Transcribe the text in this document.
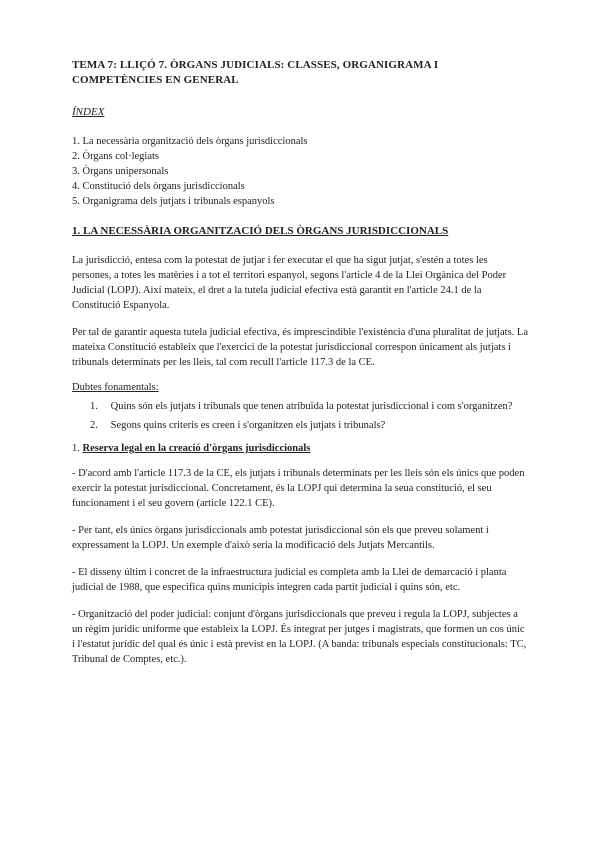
TEMA 7: LLIÇÓ 7. ÒRGANS JUDICIALS: CLASSES, ORGANIGRAMA I COMPETÈNCIES EN GENERAL
ÍNDEX
1. La necessària organització dels òrgans jurisdiccionals
2. Òrgans col·legiats
3. Òrgans unipersonals
4. Constitució dels òrgans jurisdiccionals
5. Organigrama dels jutjats i tribunals espanyols
1. LA NECESSÀRIA ORGANITZACIÓ DELS ÒRGANS JURISDICCIONALS

La jurisdicció, entesa com la potestat de jutjar i fer executar el que ha sigut jutjat, s'estén a totes les persones, a totes les matèries i a tot el territori espanyol, segons l'article 4 de la Llei Orgànica del Poder Judicial (LOPJ). Així mateix, el dret a la tutela judicial efectiva està garantit en l'article 24.1 de la Constitució Espanyola.

Per tal de garantir aquesta tutela judicial efectiva, és imprescindible l'existència d'una pluralitat de jutjats. La mateixa Constitució estableix que l'exercici de la potestat jurisdiccional correspon únicament als jutjats i tribunals determinats per les lleis, tal com recull l'article 117.3 de la CE.

Dubtes fonamentals:
1. Quins són els jutjats i tribunals que tenen atribuïda la potestat jurisdiccional i com s'organitzen?
2. Segons quins criteris es creen i s'organitzen els jutjats i tribunals?
1. Reserva legal en la creació d'òrgans jurisdiccionals

- D'acord amb l'article 117.3 de la CE, els jutjats i tribunals determinats per les lleis són els únics que poden exercir la potestat jurisdiccional. Concretament, és la LOPJ qui determina la seua constitució, el seu funcionament i el seu govern (article 122.1 CE).

- Per tant, els únics òrgans jurisdiccionals amb potestat jurisdiccional són els que preveu solament i expressament la LOPJ. Un exemple d'això seria la modificació dels Jutjats Mercantils.

- El disseny últim i concret de la infraestructura judicial es completa amb la Llei de demarcació i planta judicial de 1988, que especifica quins municipis integren cada partit judicial i quins són, etc.

- Organització del poder judicial: conjunt d'òrgans jurisdiccionals que preveu i regula la LOPJ, subjectes a un règim jurídic uniforme que estableix la LOPJ. És integrat per jutges i magistrats, que formen un cos únic i l'estatut jurídic del qual és únic i està previst en la LOPJ. (A banda: tribunals especials constitucionals: TC, Tribunal de Comptes, etc.).
